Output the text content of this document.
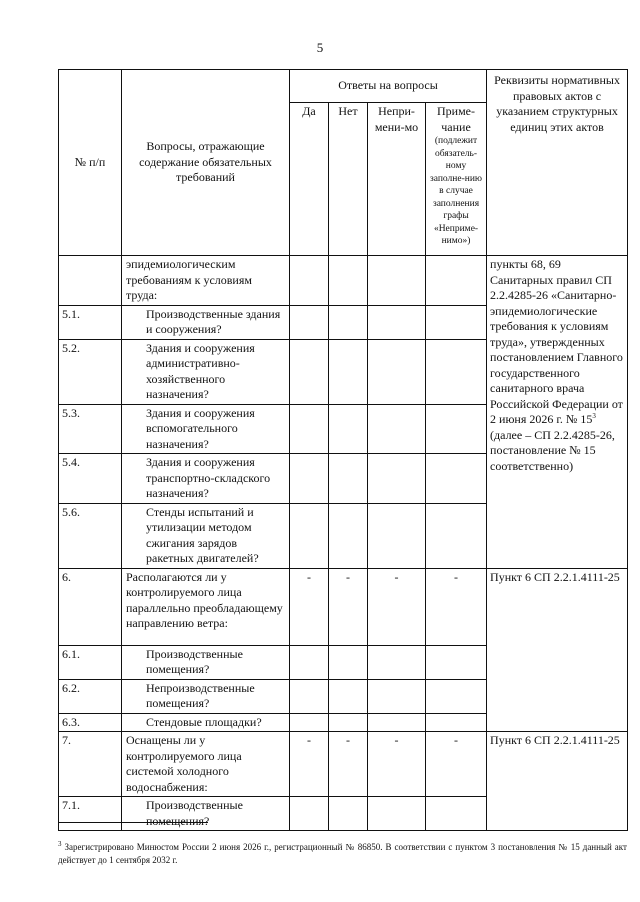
5
№ п/п	Вопросы, отражающие содержание обязательных требований	Ответы на вопросы				Реквизиты нормативных правовых актов с указанием структурных единиц этих актов
		Да	Нет	Непри-мени-мо	Приме-чание
(подлежит обязатель-ному заполне-нию в случае заполнения графы «Неприме-нимо»)	

	эпидемиологическим требованиям к условиям труда:					пункты 68, 69 Санитарных правил СП 2.2.4285-26 «Санитарно-эпидемиологические требования к условиям труда», утвержденных постановлением Главного государственного санитарного врача Российской Федерации от 2 июня 2026 г. № $15^3$ (далее – СП 2.2.4285-26, постановление № 15 соответственно)
5.1.	Производственные здания и сооружения?					
5.2.	Здания и сооружения административно-хозяйственного назначения?					
5.3.	Здания и сооружения вспомогательного назначения?					
5.4.	Здания и сооружения транспортно-складского назначения?					
5.6.	Стенды испытаний и утилизации методом сжигания зарядов ракетных двигателей?					
6.	Располагаются ли у контролируемого лица параллельно преобладающему направлению ветра:	-	-	-	-	Пункт 6 СП 2.2.1.4111-25
6.1.	Производственные помещения?					
6.2.	Непроизводственные помещения?					
6.3.	Стендовые площадки?					
7.	Оснащены ли у контролируемого лица системой холодного водоснабжения:	-	-	-	-	Пункт 6 СП 2.2.1.4111-25
7.1.	Производственные помещения?					
$^3$ Зарегистрировано Минюстом России 2 июня 2026 г., регистрационный № 86850. В соответствии с пунктом 3 постановления № 15 данный акт действует до 1 сентября 2032 г.
